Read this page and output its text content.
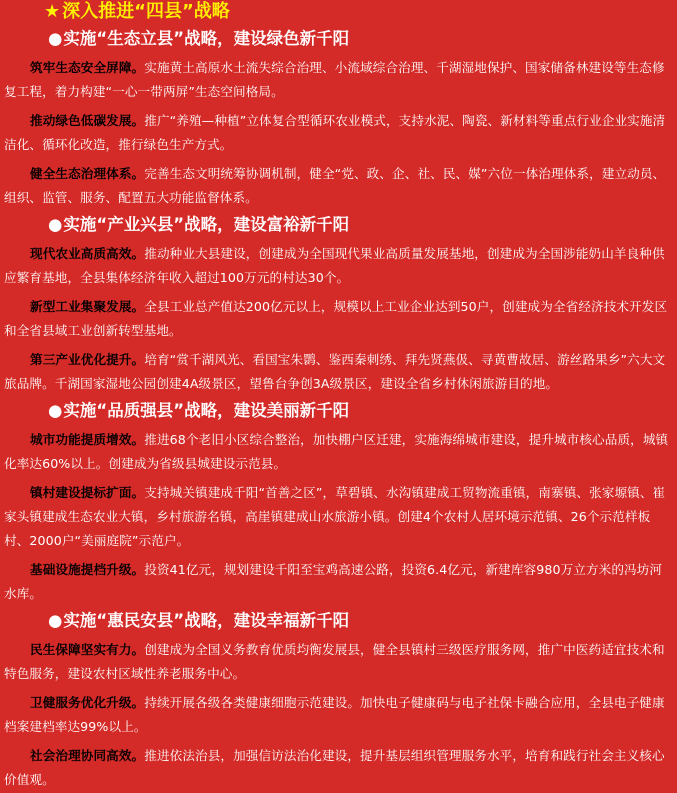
★ 深入推进“四县”战略
●实施“生态立县”战略，建设绿色新千阳

筑牢生态安全屏障。实施黄土高原水土流失综合治理、小流域综合治理、千湖湿地保护、国家储备林建设等生态修复工程，着力构建“一心一带两屏”生态空间格局。

推动绿色低碳发展。推广“养殖—种植”立体复合型循环农业模式，支持水泥、陶瓷、新材料等重点行业企业实施清洁化、循环化改造，推行绿色生产方式。

健全生态治理体系。完善生态文明统筹协调机制，健全“党、政、企、社、民、媒”六位一体治理体系，建立动员、组织、监管、服务、配置五大功能监督体系。

●实施“产业兴县”战略，建设富裕新千阳

现代农业高质高效。推动种业大县建设，创建成为全国现代果业高质量发展基地，创建成为全国涉能奶山羊良种供应繁育基地，全县集体经济年收入超过100万元的村达30个。

新型工业集聚发展。全县工业总产值达200亿元以上，规模以上工业企业达到50户，创建成为全省经济技术开发区和全省县域工业创新转型基地。

第三产业优化提升。培育“赏千湖风光、看国宝朱鹮、鉴西秦刺绣、拜先贤燕伋、寻黄曹故居、游丝路果乡”六大文旅品牌。千湖国家湿地公园创建4A级景区，望鲁台争创3A级景区，建设全省乡村休闲旅游目的地。

●实施“品质强县”战略，建设美丽新千阳

城市功能提质增效。推进68个老旧小区综合整治，加快棚户区迁建，实施海绵城市建设，提升城市核心品质，城镇化率达60%以上。创建成为省级县城建设示范县。

镇村建设提标扩面。支持城关镇建成千阳“首善之区”，草碧镇、水沟镇建成工贸物流重镇，南寨镇、张家塬镇、崔家头镇建成生态农业大镇，乡村旅游名镇，高崖镇建成山水旅游小镇。创建4个农村人居环境示范镇、26个示范样板村、2000户“美丽庭院”示范户。

基础设施提档升级。投资41亿元，规划建设千阳至宝鸡高速公路，投资6.4亿元，新建库容980万立方米的冯坊河水库。

●实施“惠民安县”战略，建设幸福新千阳

民生保障坚实有力。创建成为全国义务教育优质均衡发展县，健全县镇村三级医疗服务网，推广中医药适宜技术和特色服务，建设农村区域性养老服务中心。

卫健服务优化升级。持续开展各级各类健康细胞示范建设。加快电子健康码与电子社保卡融合应用，全县电子健康档案建档率达99%以上。

社会治理协同高效。推进依法治县，加强信访法治化建设，提升基层组织管理服务水平，培育和践行社会主义核心价值观。
